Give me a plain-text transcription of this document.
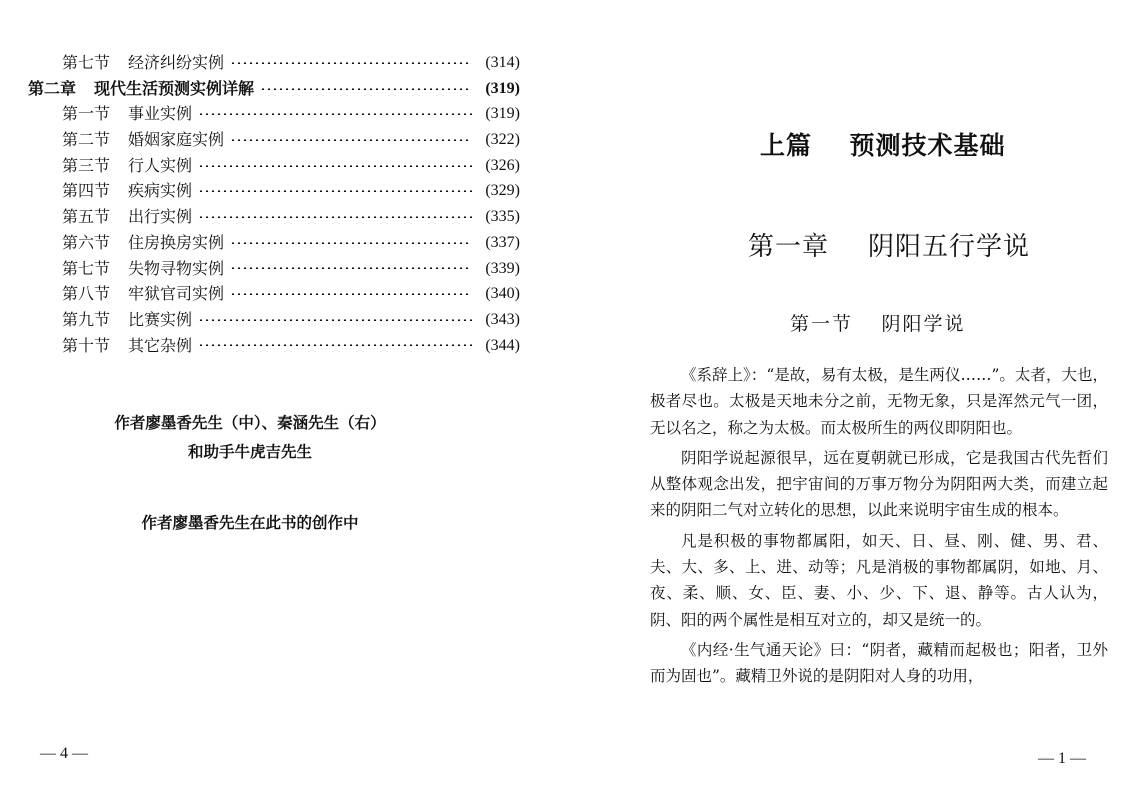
第七节 经济纠纷实例	(314)
第二章 现代生活预测实例详解	(319)
第一节 事业实例	(319)
第二节 婚姻家庭实例	(322)
第三节 行人实例	(326)
第四节 疾病实例	(329)
第五节 出行实例	(335)
第六节 住房换房实例	(337)
第七节 失物寻物实例	(339)
第八节 牢狱官司实例	(340)
第九节 比赛实例	(343)
第十节 其它杂例	(344)
作者廖墨香先生（中）、秦涵先生（右）
和助手牛虎吉先生
作者廖墨香先生在此书的创作中
— 4 —
上篇 预测技术基础
第一章 阴阳五行学说
第一节 阴阳学说

《系辞上》：“是故，易有太极，是生两仪……”。太者，大也，极者尽也。太极是天地未分之前，无物无象，只是浑然元气一团，无以名之，称之为太极。而太极所生的两仪即阴阳也。

阴阳学说起源很早，远在夏朝就已形成，它是我国古代先哲们从整体观念出发，把宇宙间的万事万物分为阴阳两大类，而建立起来的阴阳二气对立转化的思想，以此来说明宇宙生成的根本。

凡是积极的事物都属阳，如天、日、昼、刚、健、男、君、夫、大、多、上、进、动等；凡是消极的事物都属阴，如地、月、夜、柔、顺、女、臣、妻、小、少、下、退、静等。古人认为，阴、阳的两个属性是相互对立的，却又是统一的。

《内经·生气通天论》曰：“阴者，藏精而起极也；阳者，卫外而为固也”。藏精卫外说的是阴阳对人身的功用，

— 1 —
